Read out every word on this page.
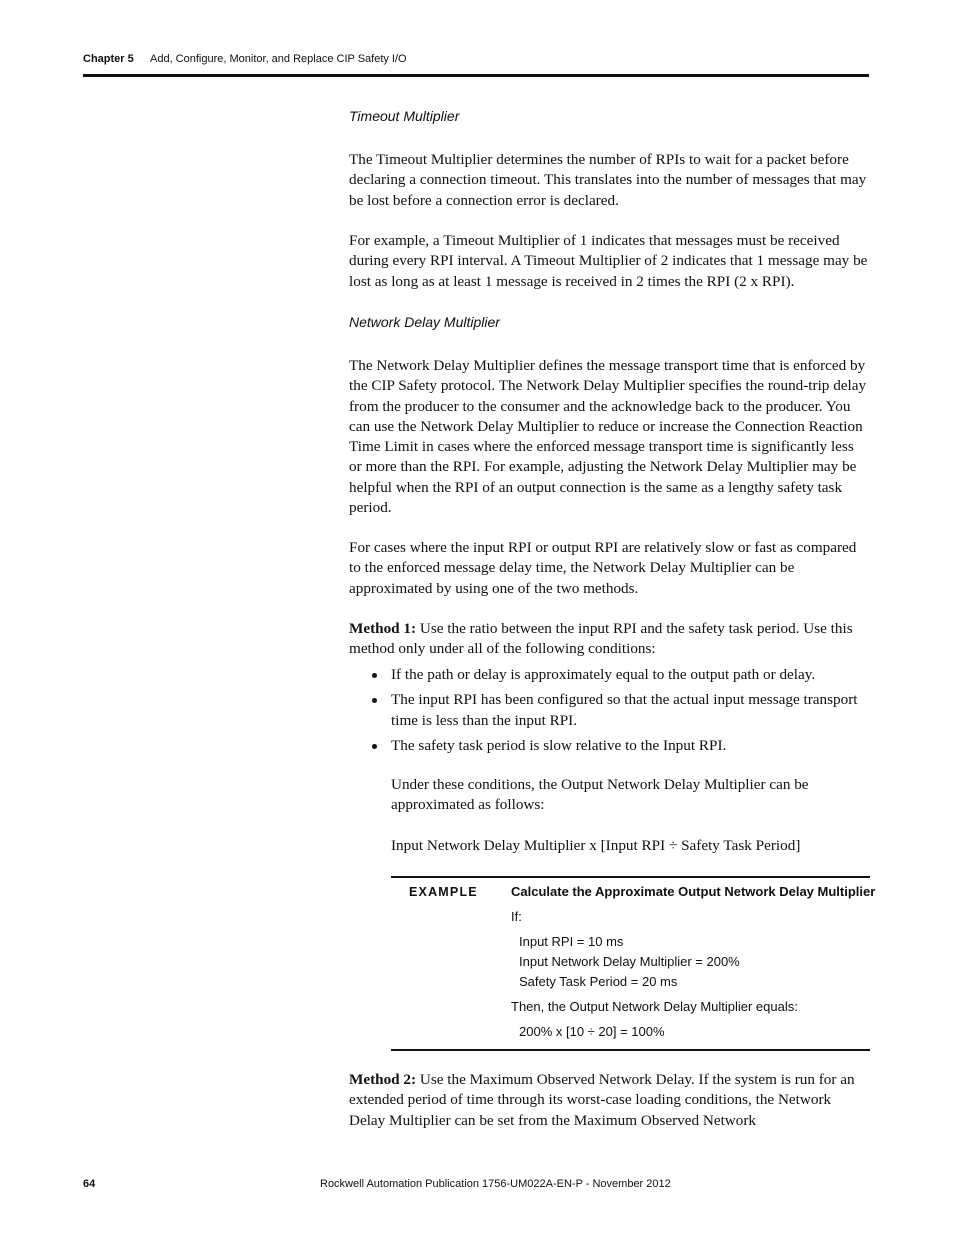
Chapter 5 Add, Configure, Monitor, and Replace CIP Safety I/O
Timeout Multiplier

The Timeout Multiplier determines the number of RPIs to wait for a packet before declaring a connection timeout. This translates into the number of messages that may be lost before a connection error is declared.

For example, a Timeout Multiplier of 1 indicates that messages must be received during every RPI interval. A Timeout Multiplier of 2 indicates that 1 message may be lost as long as at least 1 message is received in 2 times the RPI (2 x RPI).

Network Delay Multiplier

The Network Delay Multiplier defines the message transport time that is enforced by the CIP Safety protocol. The Network Delay Multiplier specifies the round-trip delay from the producer to the consumer and the acknowledge back to the producer. You can use the Network Delay Multiplier to reduce or increase the Connection Reaction Time Limit in cases where the enforced message transport time is significantly less or more than the RPI. For example, adjusting the Network Delay Multiplier may be helpful when the RPI of an output connection is the same as a lengthy safety task period.

For cases where the input RPI or output RPI are relatively slow or fast as compared to the enforced message delay time, the Network Delay Multiplier can be approximated by using one of the two methods.

Method 1: Use the ratio between the input RPI and the safety task period. Use this method only under all of the following conditions:

If the path or delay is approximately equal to the output path or delay.
The input RPI has been configured so that the actual input message transport time is less than the input RPI.
The safety task period is slow relative to the Input RPI.

Under these conditions, the Output Network Delay Multiplier can be approximated as follows:

Input Network Delay Multiplier x [Input RPI ÷ Safety Task Period]

EXAMPLE	Calculate the Approximate Output Network Delay Multiplier
If:
Input RPI = 10 ms
Input Network Delay Multiplier = 200%
Safety Task Period = 20 ms
Then, the Output Network Delay Multiplier equals:
200% x [10 ÷ 20] = 100%

Method 2: Use the Maximum Observed Network Delay. If the system is run for an extended period of time through its worst-case loading conditions, the Network Delay Multiplier can be set from the Maximum Observed Network

64	Rockwell Automation Publication 1756-UM022A-EN-P - November 2012
